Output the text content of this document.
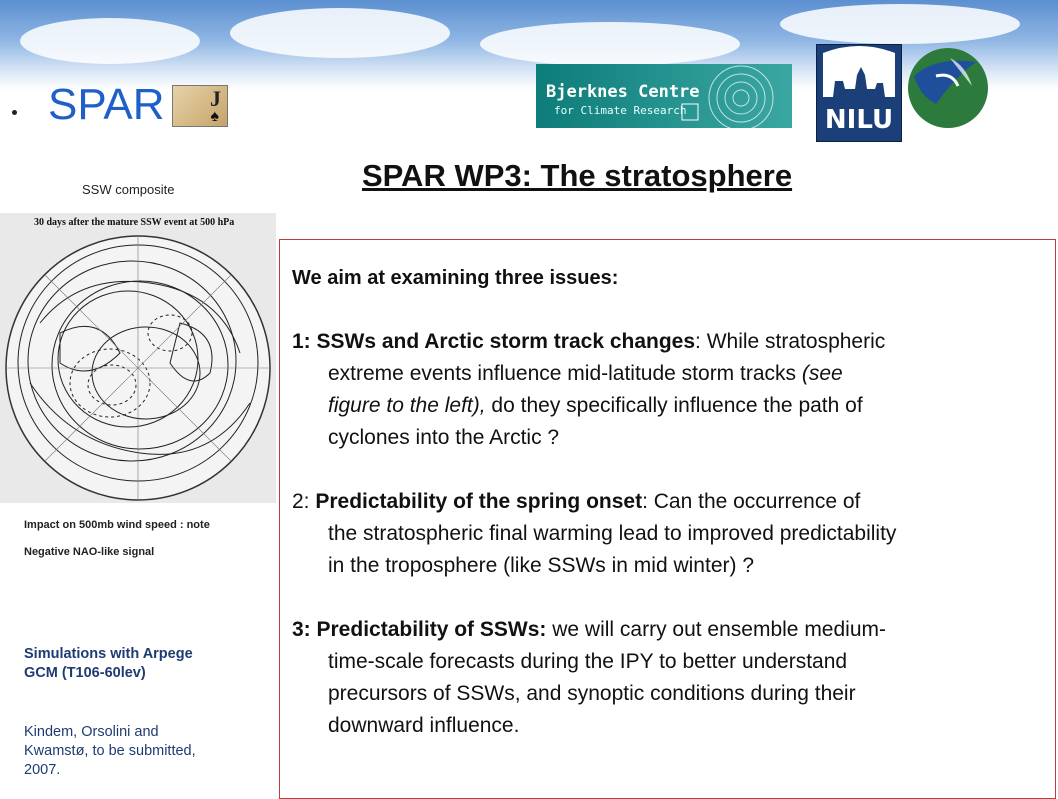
SPAR J
♠
Bjerknes Centre
for Climate Research	NILU
SSW composite
30 days after the mature SSW event at 500 hPa
Impact on 500mb wind speed : note
Negative NAO-like signal
Simulations with Arpege GCM (T106-60lev)
Kindem, Orsolini and Kwamstø, to be submitted, 2007.
SPAR WP3: The stratosphere
We aim at examining three issues:
1: SSWs and Arctic storm track changes: While stratospheric
extreme events influence mid-latitude storm tracks (see
figure to the left), do they specifically influence the path of
cyclones into the Arctic ?
2: Predictability of the spring onset: Can the occurrence of
the stratospheric final warming lead to improved predictability
in the troposphere (like SSWs in mid winter) ?
3: Predictability of SSWs: we will carry out ensemble medium-
time-scale forecasts during the IPY to better understand
precursors of SSWs, and synoptic conditions during their
downward influence.
